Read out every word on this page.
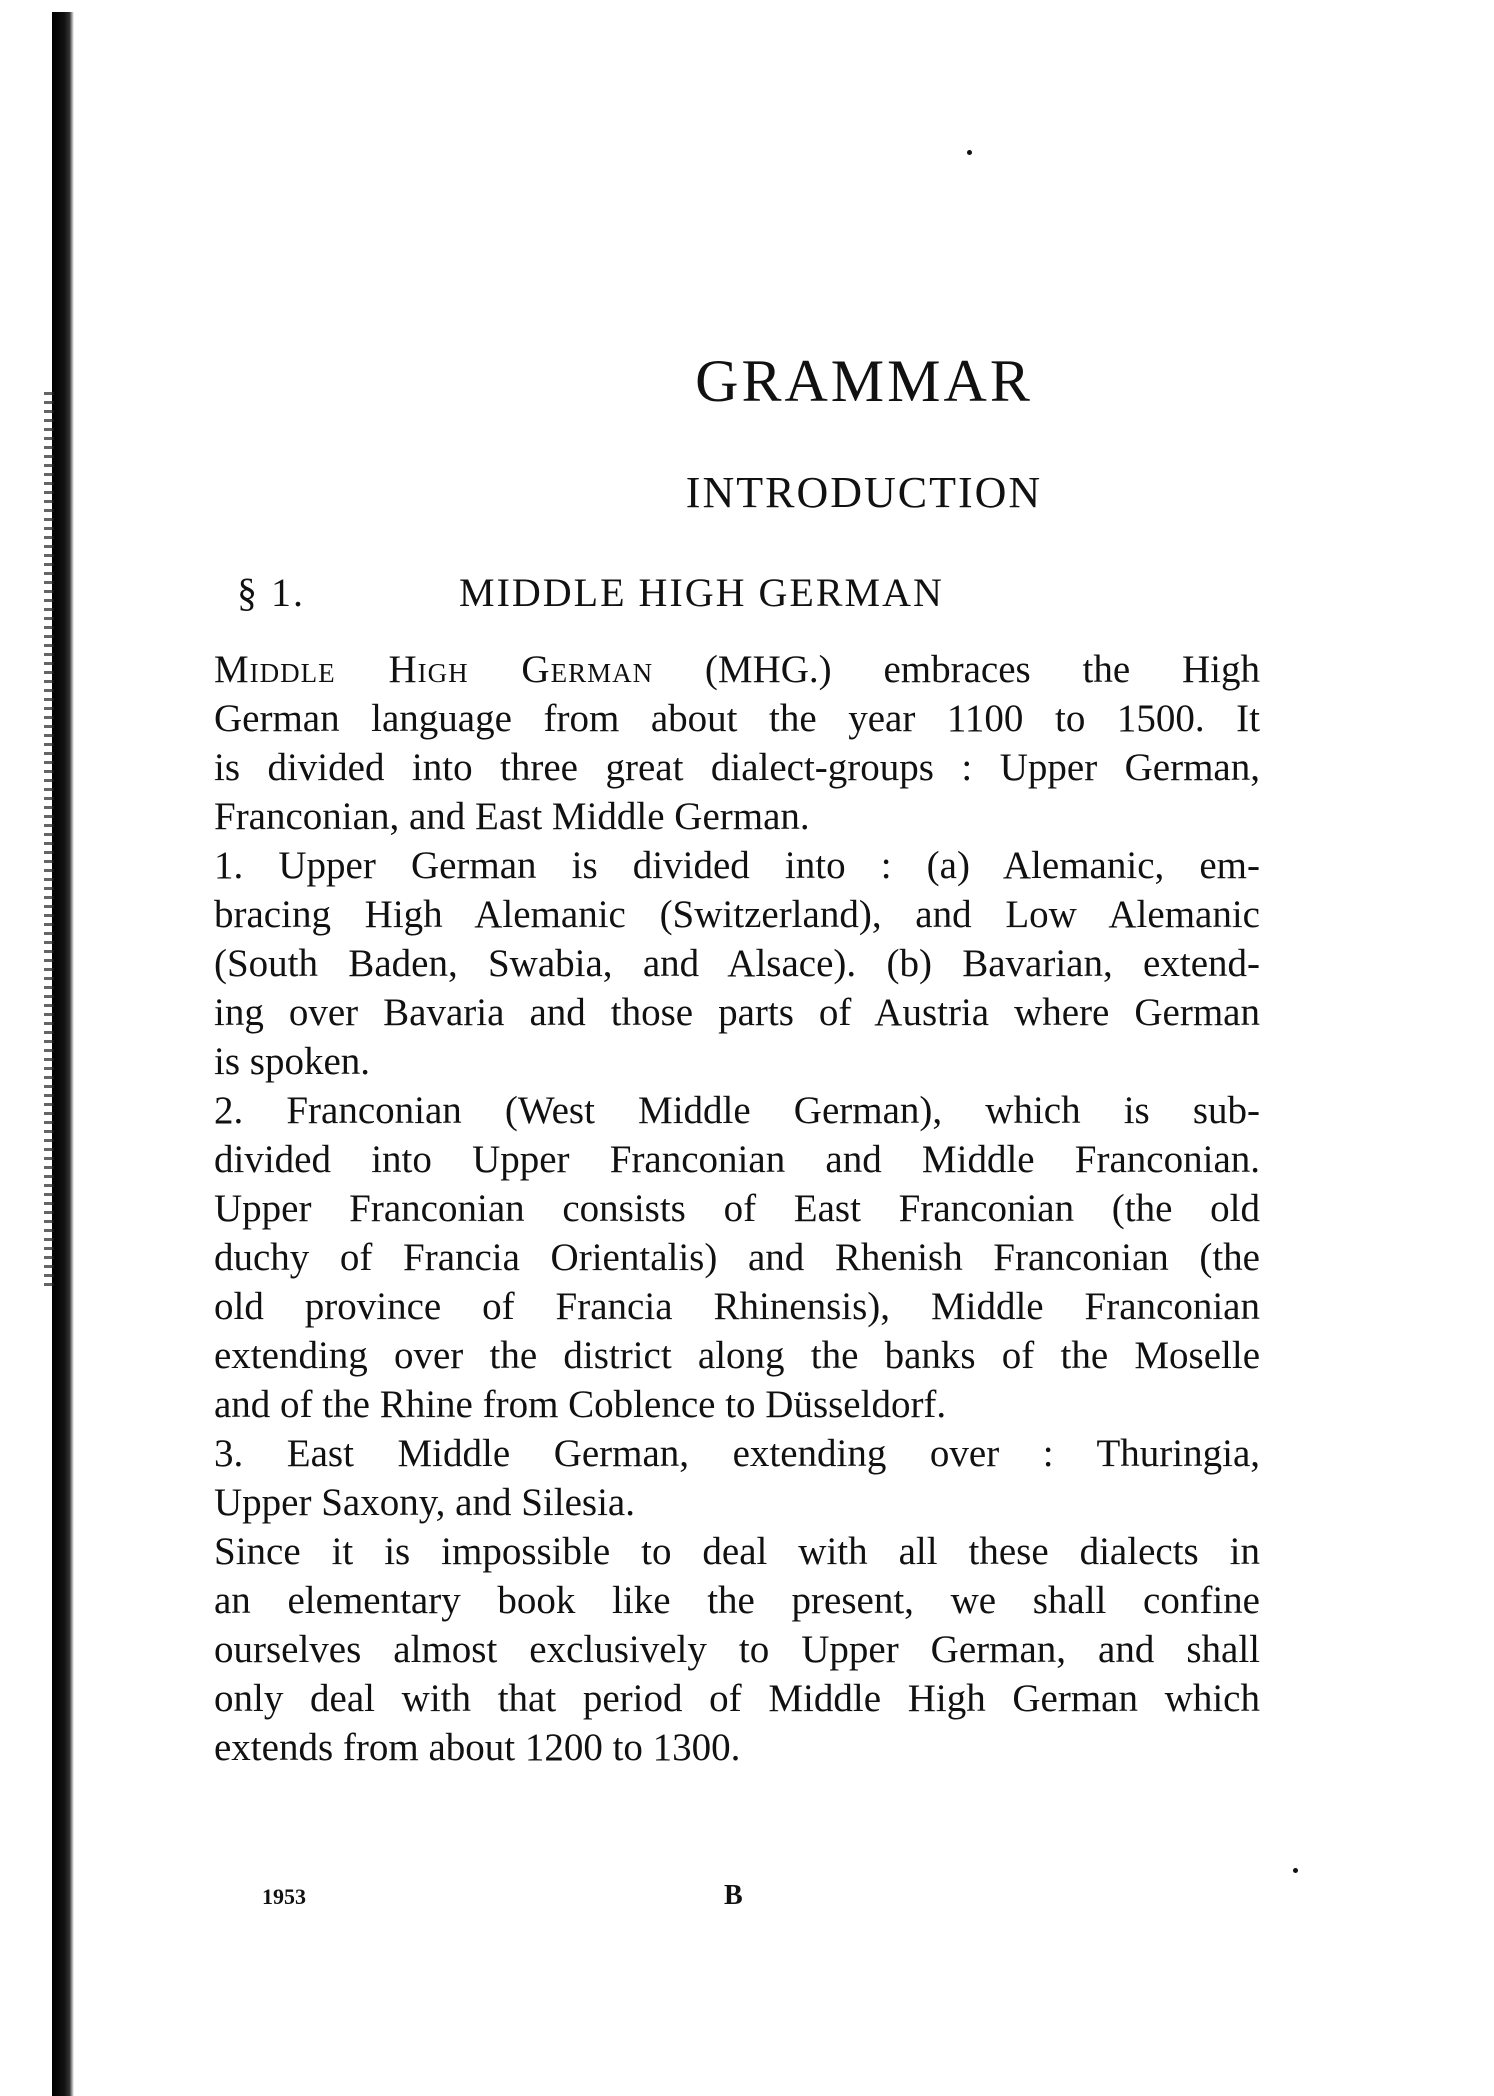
GRAMMAR
INTRODUCTION
§ 1.	MIDDLE HIGH GERMAN

Middle High German (MHG.) embraces the High
German language from about the year 1100 to 1500. It
is divided into three great dialect-groups : Upper German,
Franconian, and East Middle German.

1. Upper German is divided into : (a) Alemanic, em-
bracing High Alemanic (Switzerland), and Low Alemanic
(South Baden, Swabia, and Alsace). (b) Bavarian, extend-
ing over Bavaria and those parts of Austria where German
is spoken.

2. Franconian (West Middle German), which is sub-
divided into Upper Franconian and Middle Franconian.
Upper Franconian consists of East Franconian (the old
duchy of Francia Orientalis) and Rhenish Franconian (the
old province of Francia Rhinensis), Middle Franconian
extending over the district along the banks of the Moselle
and of the Rhine from Coblence to Düsseldorf.

3. East Middle German, extending over : Thuringia,
Upper Saxony, and Silesia.

Since it is impossible to deal with all these dialects in
an elementary book like the present, we shall confine
ourselves almost exclusively to Upper German, and shall
only deal with that period of Middle High German which
extends from about 1200 to 1300.

1953	B
